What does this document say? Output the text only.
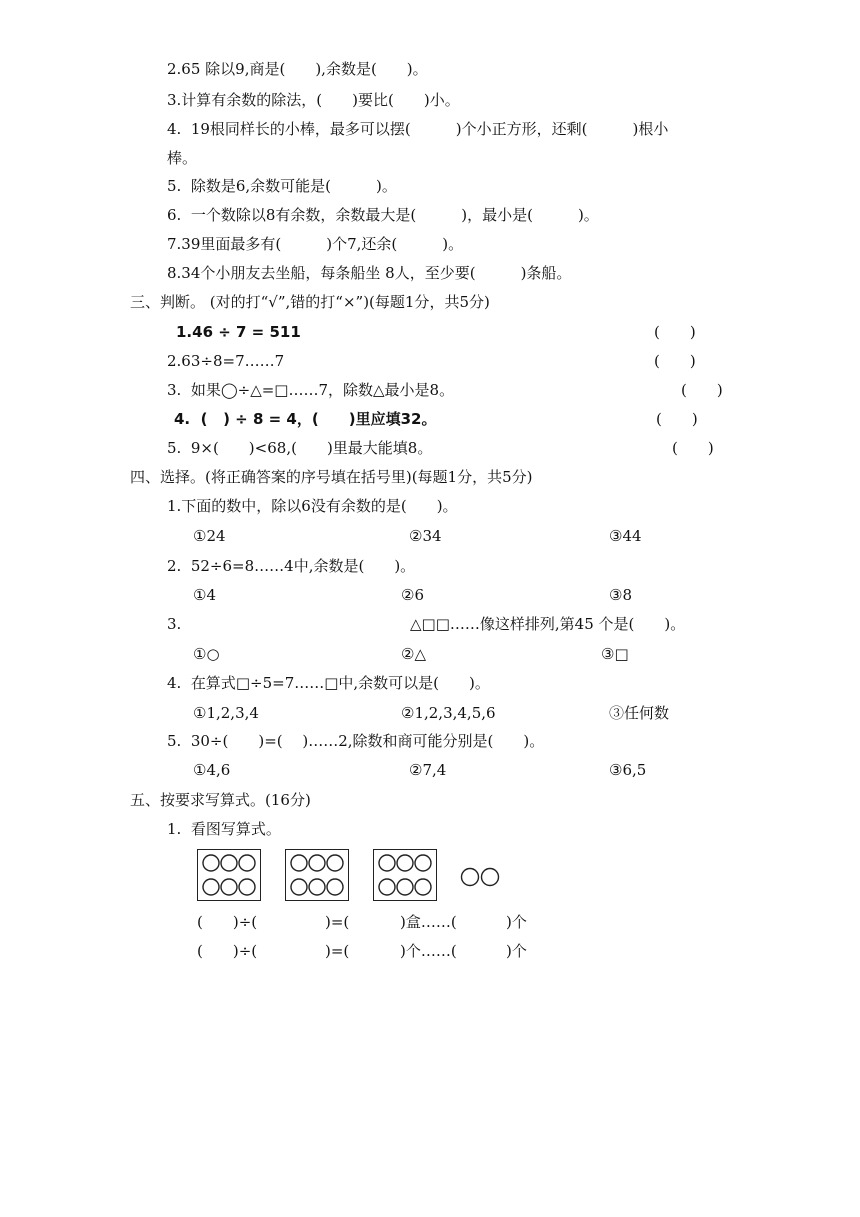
2.65 除以9,商是(　　),余数是(　　)。
3.计算有余数的除法，(　　)要比(　　)小。
4.  19根同样长的小棒，最多可以摆(　　　)个小正方形，还剩(　　　)根小
棒。
5.  除数是6,余数可能是(　　　)。
6.  一个数除以8有余数，余数最大是(　　　)，最小是(　　　)。
7.39里面最多有(　　　)个7,还余(　　　)。
8.34个小朋友去坐船，每条船坐 8人，至少要(　　　)条船。
三、判断。 (对的打“√”,错的打“×”)(每题1分，共5分)
1.46 ÷ 7 = 511	(　　)
2.63÷8=7……7	(　　)
3.  如果◯÷△=□……7，除数△最小是8。	(　　)
4.  (   ) ÷ 8 = 4，(　　)里应填32。	(　　)
5.  9×(　　)<68,(　　)里最大能填8。	(　　)
四、选择。(将正确答案的序号填在括号里)(每题1分，共5分)
1.下面的数中，除以6没有余数的是(　　)。
①24	②34	③44
2.  52÷6=8……4中,余数是(　　)。
①4	②6	③8
3.	△□□……像这样排列,第45 个是(　　)。
①○	②△	③□
4.  在算式□÷5=7……□中,余数可以是(　　)。
①1,2,3,4	②1,2,3,4,5,6	③任何数
5.  30÷(　　)=(　 )……2,除数和商可能分别是(　　)。
①4,6	②7,4	③6,5
五、按要求写算式。(16分)
1.  看图写算式。
(　　)÷(	)=(	)盒……(	)个
(　　)÷(	)=(	)个……(	)个
